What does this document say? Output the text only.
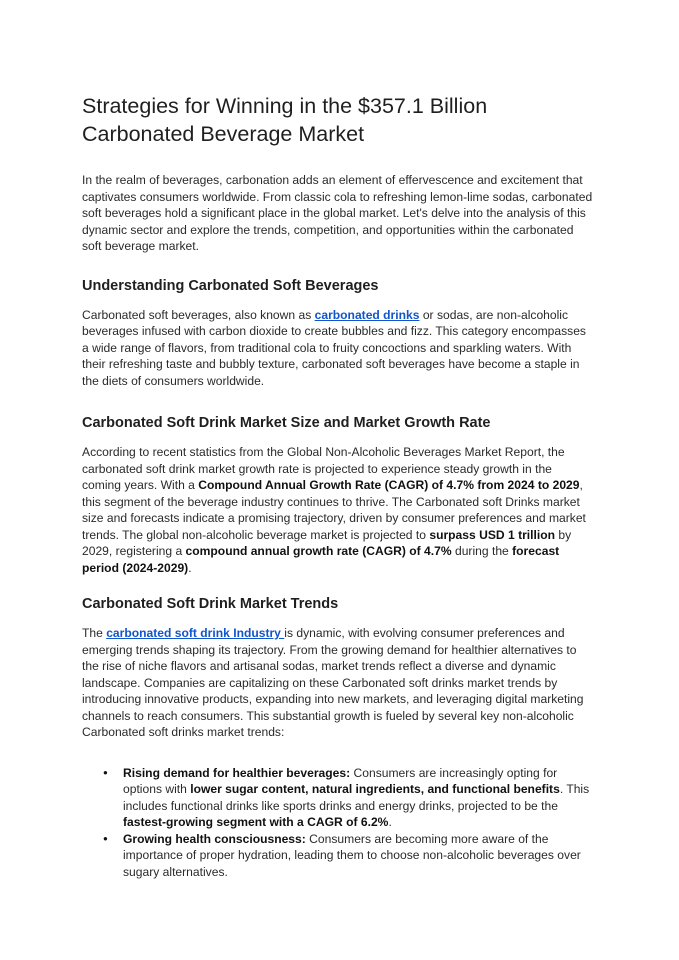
Strategies for Winning in the $357.1 Billion Carbonated Beverage Market

In the realm of beverages, carbonation adds an element of effervescence and excitement that captivates consumers worldwide. From classic cola to refreshing lemon-lime sodas, carbonated soft beverages hold a significant place in the global market. Let's delve into the analysis of this dynamic sector and explore the trends, competition, and opportunities within the carbonated soft beverage market.

Understanding Carbonated Soft Beverages

Carbonated soft beverages, also known as carbonated drinks or sodas, are non-alcoholic beverages infused with carbon dioxide to create bubbles and fizz. This category encompasses a wide range of flavors, from traditional cola to fruity concoctions and sparkling waters. With their refreshing taste and bubbly texture, carbonated soft beverages have become a staple in the diets of consumers worldwide.

Carbonated Soft Drink Market Size and Market Growth Rate

According to recent statistics from the Global Non-Alcoholic Beverages Market Report, the carbonated soft drink market growth rate is projected to experience steady growth in the coming years. With a Compound Annual Growth Rate (CAGR) of 4.7% from 2024 to 2029, this segment of the beverage industry continues to thrive. The Carbonated soft Drinks market size and forecasts indicate a promising trajectory, driven by consumer preferences and market trends. The global non-alcoholic beverage market is projected to surpass USD 1 trillion by 2029, registering a compound annual growth rate (CAGR) of 4.7% during the forecast period (2024-2029).

Carbonated Soft Drink Market Trends

The carbonated soft drink Industry is dynamic, with evolving consumer preferences and emerging trends shaping its trajectory. From the growing demand for healthier alternatives to the rise of niche flavors and artisanal sodas, market trends reflect a diverse and dynamic landscape. Companies are capitalizing on these Carbonated soft drinks market trends by introducing innovative products, expanding into new markets, and leveraging digital marketing channels to reach consumers. This substantial growth is fueled by several key non-alcoholic Carbonated soft drinks market trends:

● Rising demand for healthier beverages: Consumers are increasingly opting for options with lower sugar content, natural ingredients, and functional benefits. This includes functional drinks like sports drinks and energy drinks, projected to be the fastest-growing segment with a CAGR of 6.2%.
● Growing health consciousness: Consumers are becoming more aware of the importance of proper hydration, leading them to choose non-alcoholic beverages over sugary alternatives.
